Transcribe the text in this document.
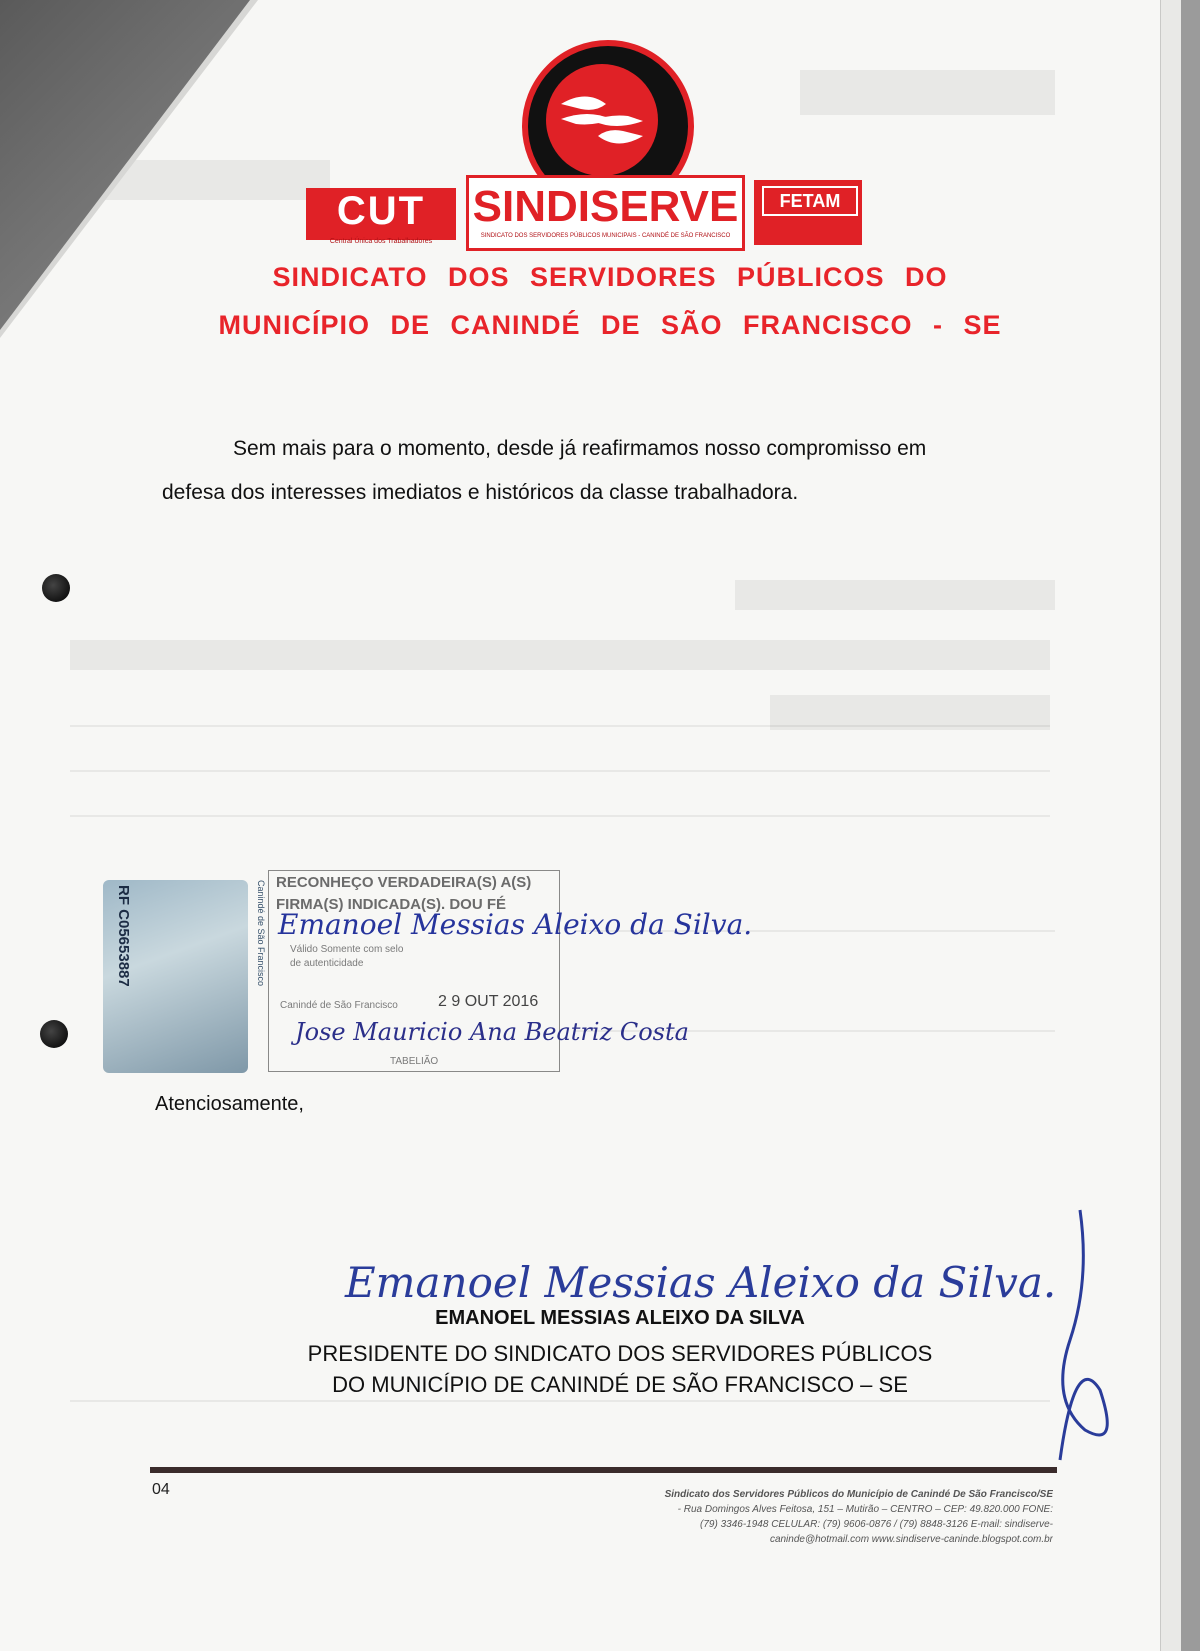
CUT
Central Única dos Trabalhadores
SINDISERVE
SINDICATO DOS SERVIDORES PÚBLICOS MUNICIPAIS - CANINDÉ DE SÃO FRANCISCO
FETAM
SINDICATO DOS SERVIDORES PÚBLICOS DO
MUNICÍPIO DE CANINDÉ DE SÃO FRANCISCO - SE
Sem mais para o momento, desde já reafirmamos nosso compromisso em
defesa dos interesses imediatos e históricos da classe trabalhadora.
RF C05653887	Canindé de São Francisco RECONHEÇO VERDADEIRA(S) A(S)
FIRMA(S) INDICADA(S). DOU FÉ
Válido Somente com selo
de autenticidade
Canindé de São Francisco	2 9 OUT 2016
TABELIÃO
Emanoel Messias Aleixo da Silva.
Jose Mauricio Ana Beatriz Costa
Atenciosamente,
Emanoel Messias Aleixo da Silva.
EMANOEL MESSIAS ALEIXO DA SILVA
PRESIDENTE DO SINDICATO DOS SERVIDORES PÚBLICOS
DO MUNICÍPIO DE CANINDÉ DE SÃO FRANCISCO – SE
04	Sindicato dos Servidores Públicos do Município de Canindé De São Francisco/SE
- Rua Domingos Alves Feitosa, 151 – Mutirão – CENTRO – CEP: 49.820.000 FONE:
(79) 3346-1948 CELULAR: (79) 9606-0876 / (79) 8848-3126 E-mail: sindiserve-
caninde@hotmail.com www.sindiserve-caninde.blogspot.com.br
